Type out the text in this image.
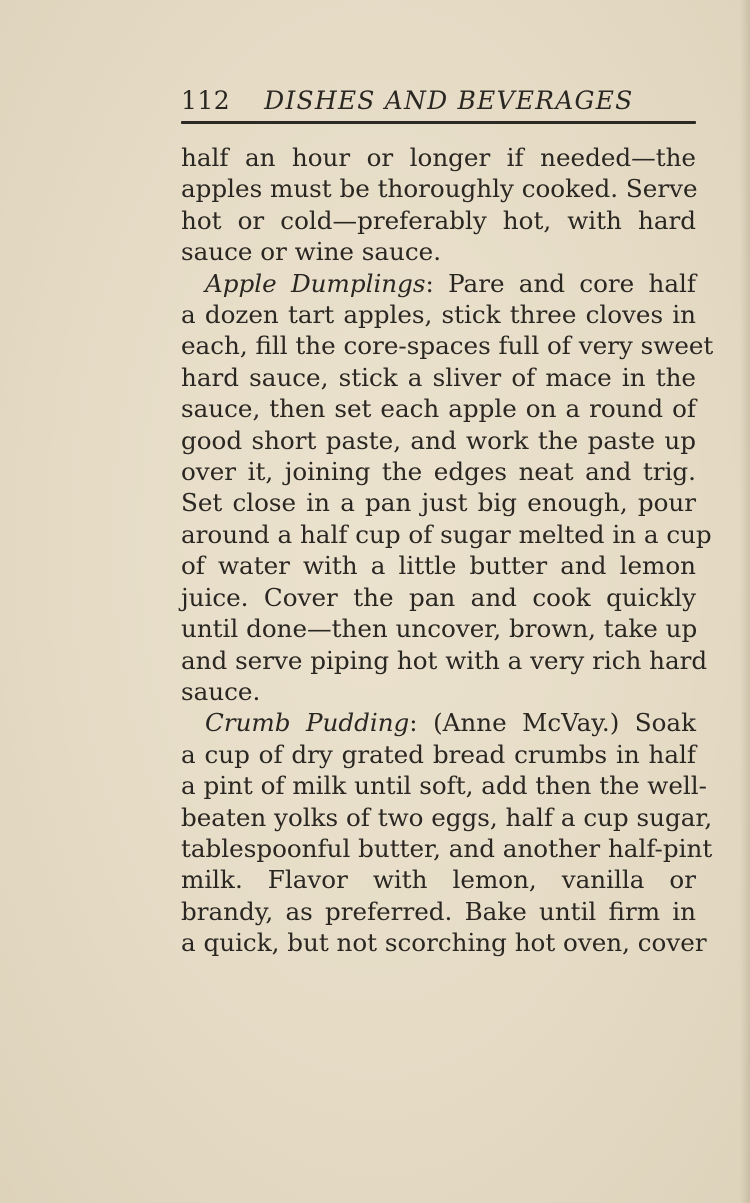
112 DISHES AND BEVERAGES

half an hour or longer if needed—the
apples must be thoroughly cooked. Serve
hot or cold—preferably hot, with hard
sauce or wine sauce.

Apple Dumplings: Pare and core half
a dozen tart apples, stick three cloves in
each, fill the core-spaces full of very sweet
hard sauce, stick a sliver of mace in the
sauce, then set each apple on a round of
good short paste, and work the paste up
over it, joining the edges neat and trig.
Set close in a pan just big enough, pour
around a half cup of sugar melted in a cup
of water with a little butter and lemon
juice. Cover the pan and cook quickly
until done—then uncover, brown, take up
and serve piping hot with a very rich hard
sauce.

Crumb Pudding: (Anne McVay.) Soak
a cup of dry grated bread crumbs in half
a pint of milk until soft, add then the well-
beaten yolks of two eggs, half a cup sugar,
tablespoonful butter, and another half-pint
milk. Flavor with lemon, vanilla or
brandy, as preferred. Bake until firm in
a quick, but not scorching hot oven, cover
